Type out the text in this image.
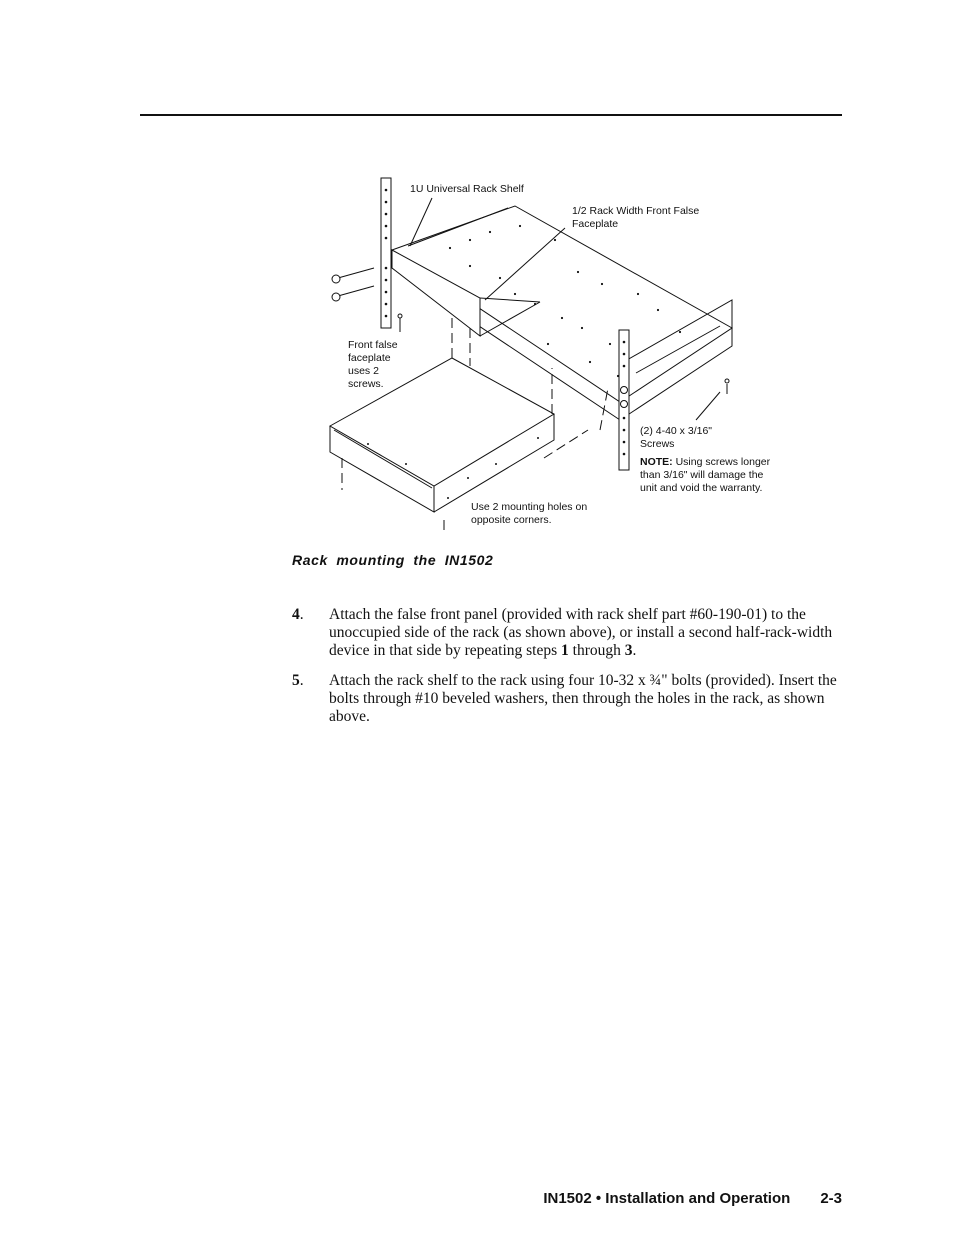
1U Universal Rack Shelf
1/2 Rack Width Front False
Faceplate
Front false
faceplate
uses 2
screws.
(2) 4-40 x 3/16"
Screws
NOTE: Using screws longer
than 3/16" will damage the
unit and void the warranty.
Use 2 mounting holes on
opposite corners.
Rack mounting the IN1502
4. Attach the false front panel (provided with rack shelf part #60-190-01) to the unoccupied side of the rack (as shown above), or install a second half-rack-width device in that side by repeating steps 1 through 3.
5. Attach the rack shelf to the rack using four 10-32 x ¾" bolts (provided). Insert the bolts through #10 beveled washers, then through the holes in the rack, as shown above.
IN1502 • Installation and Operation 2-3
